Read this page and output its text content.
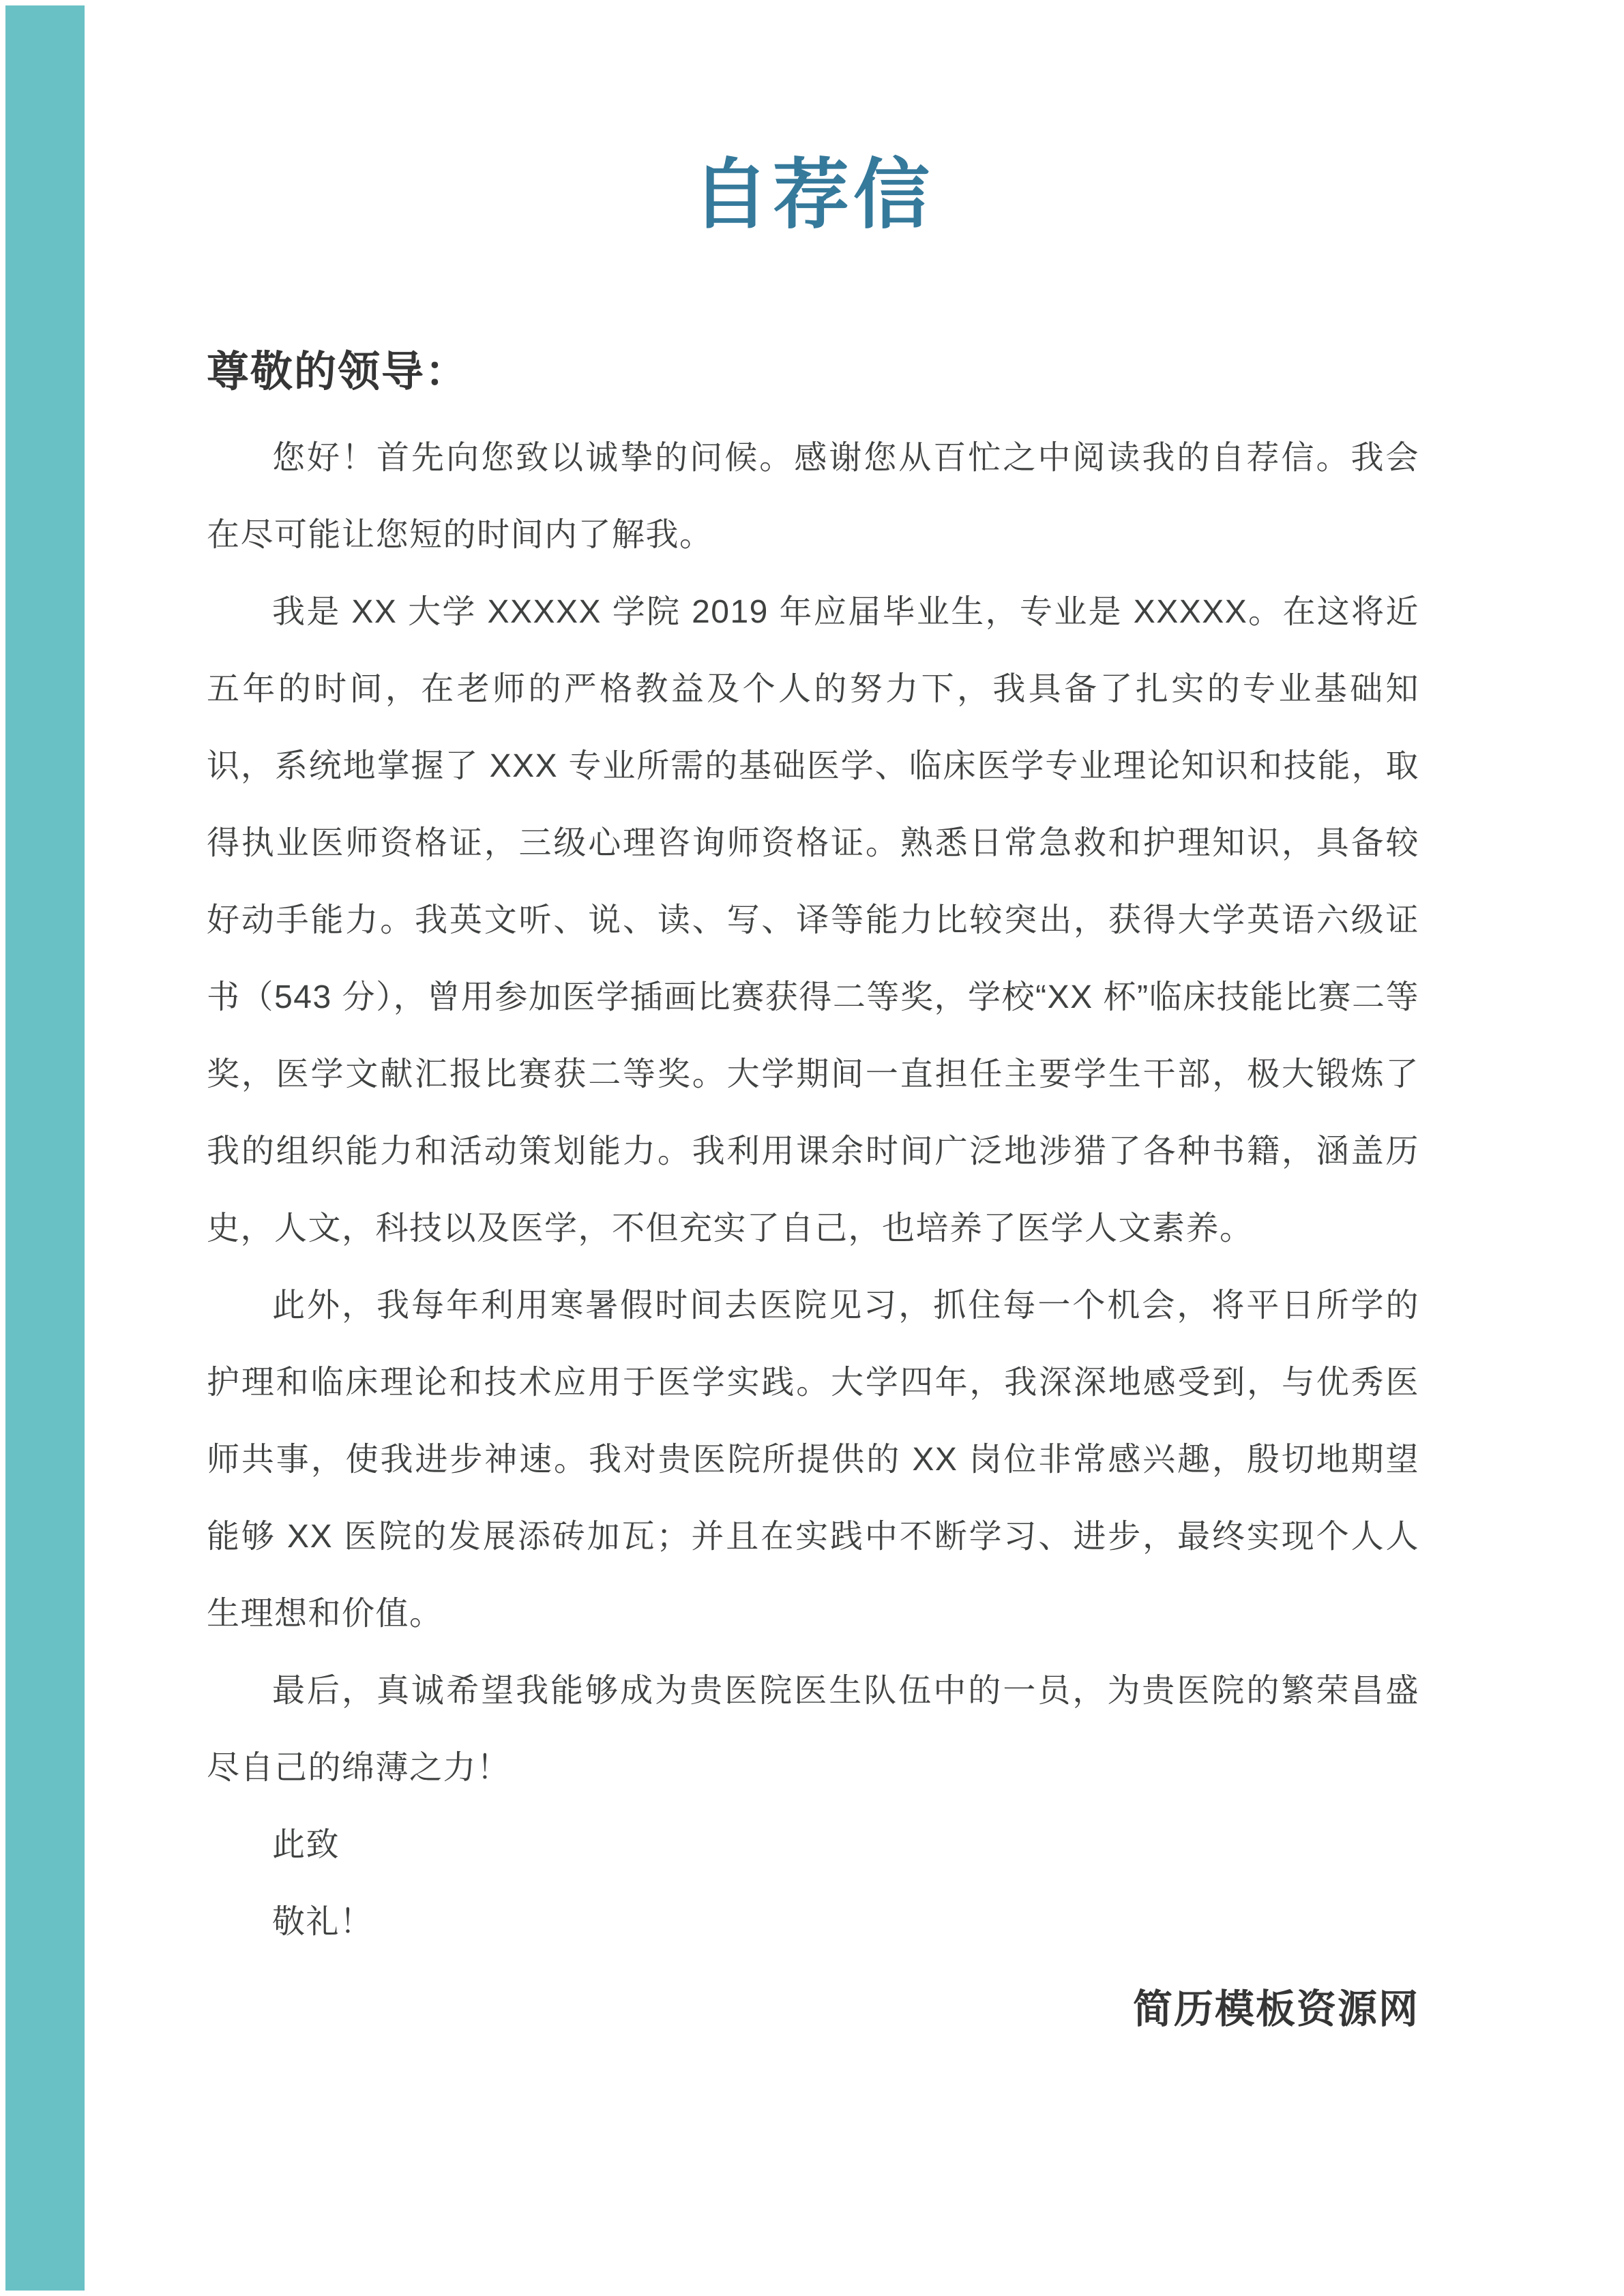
自荐信
尊敬的领导：

您好！首先向您致以诚挚的问候。感谢您从百忙之中阅读我的自荐信。我会在尽可能让您短的时间内了解我。

我是 XX 大学 XXXXX 学院 2019 年应届毕业生，专业是 XXXXX。在这将近五年的时间，在老师的严格教益及个人的努力下，我具备了扎实的专业基础知识，系统地掌握了 XXX 专业所需的基础医学、临床医学专业理论知识和技能，取得执业医师资格证，三级心理咨询师资格证。熟悉日常急救和护理知识，具备较好动手能力。我英文听、说、读、写、译等能力比较突出，获得大学英语六级证书（543 分），曾用参加医学插画比赛获得二等奖，学校“XX 杯”临床技能比赛二等奖，医学文献汇报比赛获二等奖。大学期间一直担任主要学生干部，极大锻炼了我的组织能力和活动策划能力。我利用课余时间广泛地涉猎了各种书籍，涵盖历史，人文，科技以及医学，不但充实了自己，也培养了医学人文素养。

此外，我每年利用寒暑假时间去医院见习，抓住每一个机会，将平日所学的护理和临床理论和技术应用于医学实践。大学四年，我深深地感受到，与优秀医师共事，使我进步神速。我对贵医院所提供的 XX 岗位非常感兴趣，殷切地期望能够 XX 医院的发展添砖加瓦；并且在实践中不断学习、进步，最终实现个人人生理想和价值。

最后，真诚希望我能够成为贵医院医生队伍中的一员，为贵医院的繁荣昌盛尽自己的绵薄之力！

此致

敬礼！

简历模板资源网
